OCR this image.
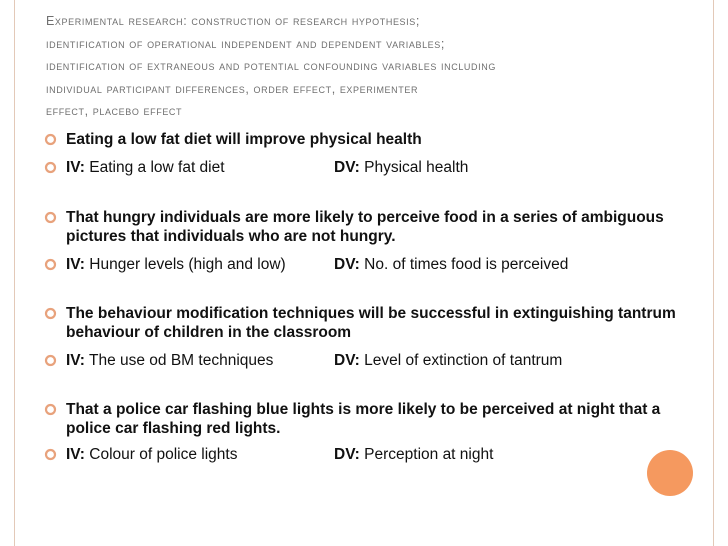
Experimental research: construction of research hypothesis;
identification of operational independent and dependent variables;
identification of extraneous and potential confounding variables including
individual participant differences, order effect, experimenter
effect, placebo effect
Eating a low fat diet will improve physical health
IV: Eating a low fat diet	DV: Physical health
That hungry individuals are more likely to perceive food in a series of ambiguous pictures that individuals who are not hungry.
IV: Hunger levels (high and low)	DV: No. of times food is perceived
The behaviour modification techniques will be successful in extinguishing tantrum behaviour of children in the classroom
IV: The use od BM techniques	DV: Level of extinction of tantrum
That a police car flashing blue lights is more likely to be perceived at night that a police car flashing red lights.
IV: Colour of police lights	DV: Perception at night
